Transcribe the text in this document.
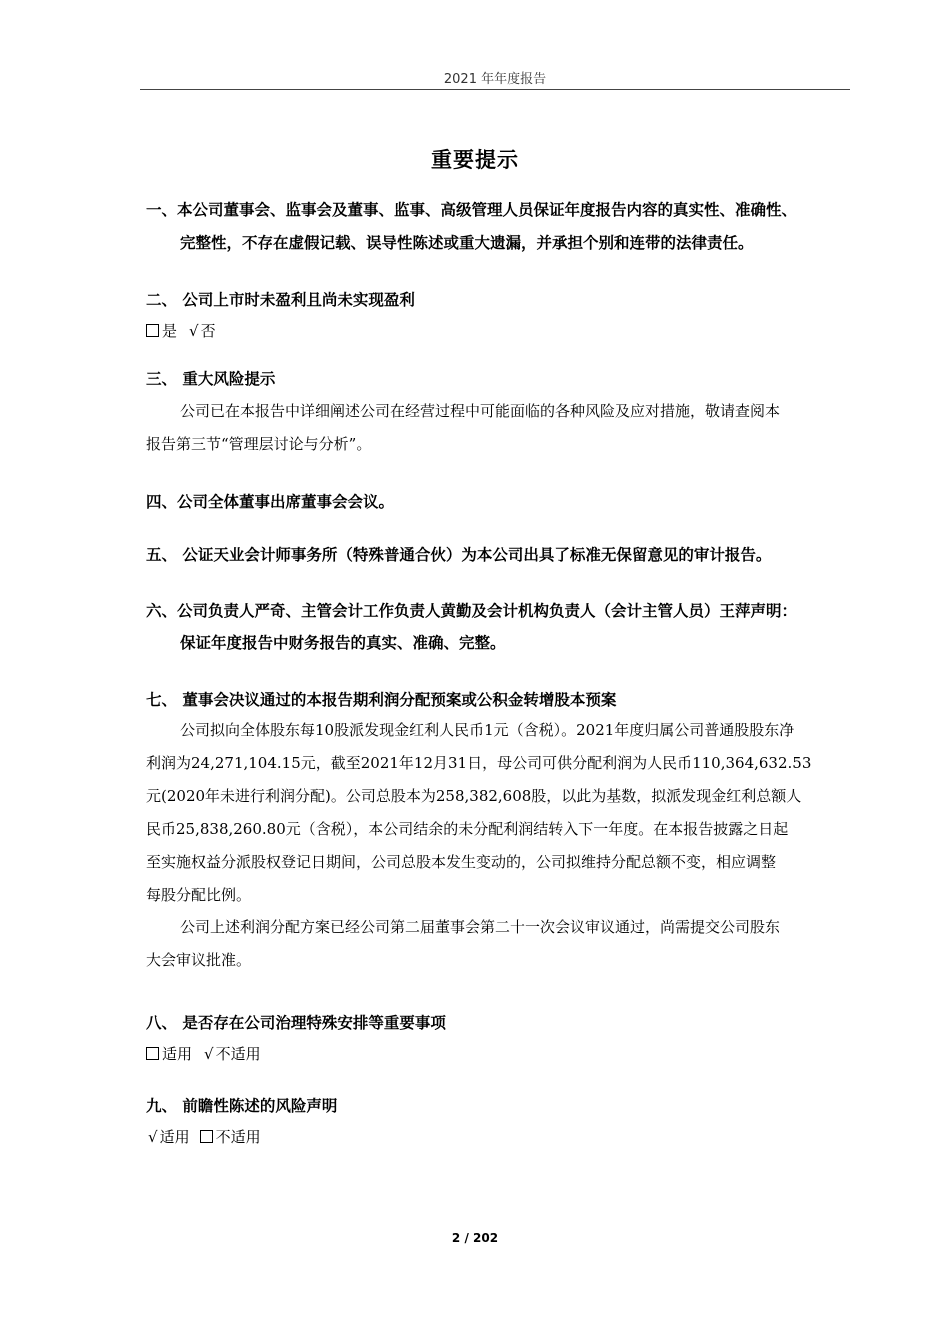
2021 年年度报告
重要提示
一、本公司董事会、监事会及董事、监事、高级管理人员保证年度报告内容的真实性、准确性、
完整性，不存在虚假记载、误导性陈述或重大遗漏，并承担个别和连带的法律责任。
二、 公司上市时未盈利且尚未实现盈利
是 √ 否
三、 重大风险提示
公司已在本报告中详细阐述公司在经营过程中可能面临的各种风险及应对措施，敬请查阅本
报告第三节“管理层讨论与分析”。
四、公司全体董事出席董事会会议。
五、 公证天业会计师事务所（特殊普通合伙）为本公司出具了标准无保留意见的审计报告。
六、公司负责人严奇、主管会计工作负责人黄勤及会计机构负责人（会计主管人员）王萍声明：
保证年度报告中财务报告的真实、准确、完整。
七、 董事会决议通过的本报告期利润分配预案或公积金转增股本预案
公司拟向全体股东每10股派发现金红利人民币1元（含税）。2021年度归属公司普通股股东净
利润为24,271,104.15元，截至2021年12月31日，母公司可供分配利润为人民币110,364,632.53
元(2020年未进行利润分配)。公司总股本为258,382,608股，以此为基数，拟派发现金红利总额人
民币25,838,260.80元（含税），本公司结余的未分配利润结转入下一年度。在本报告披露之日起
至实施权益分派股权登记日期间，公司总股本发生变动的，公司拟维持分配总额不变，相应调整
每股分配比例。
公司上述利润分配方案已经公司第二届董事会第二十一次会议审议通过，尚需提交公司股东
大会审议批准。
八、 是否存在公司治理特殊安排等重要事项
适用 √ 不适用
九、 前瞻性陈述的风险声明
√ 适用 不适用
2 / 202
